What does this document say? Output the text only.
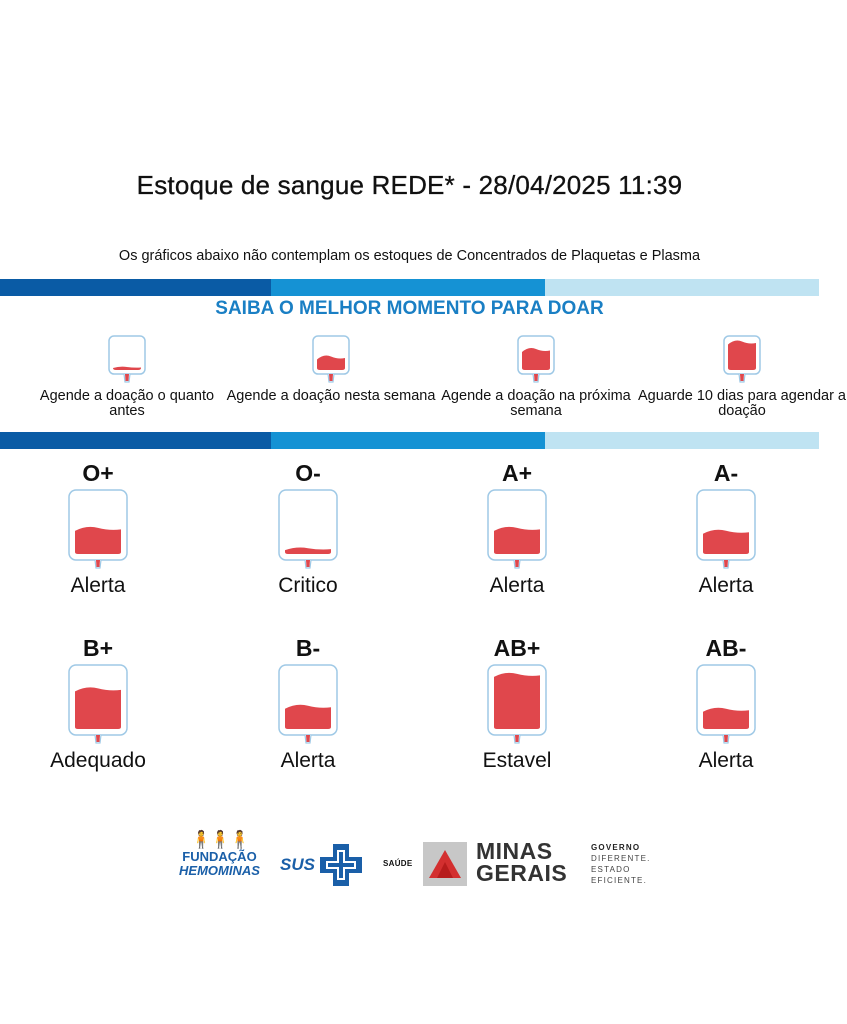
Estoque de sangue REDE* - 28/04/2025 11:39
Os gráficos abaixo não contemplam os estoques de Concentrados de Plaquetas e Plasma
SAIBA O MELHOR MOMENTO PARA DOAR
Agende a doação o quanto antes
Agende a doação nesta semana Agende a doação na próxima semana
Aguarde 10 dias para agendar a doação
O+
Alerta
O-
Critico
A+
Alerta
A-
Alerta
B+
Adequado
B-
Alerta
AB+
Estavel
AB-
Alerta
🧍🧍🧍
FUNDAÇÃO
HEMOMINAS	SUS	SAÚDE	MINAS
GERAIS
GOVERNO
DIFERENTE.
ESTADO
EFICIENTE.
